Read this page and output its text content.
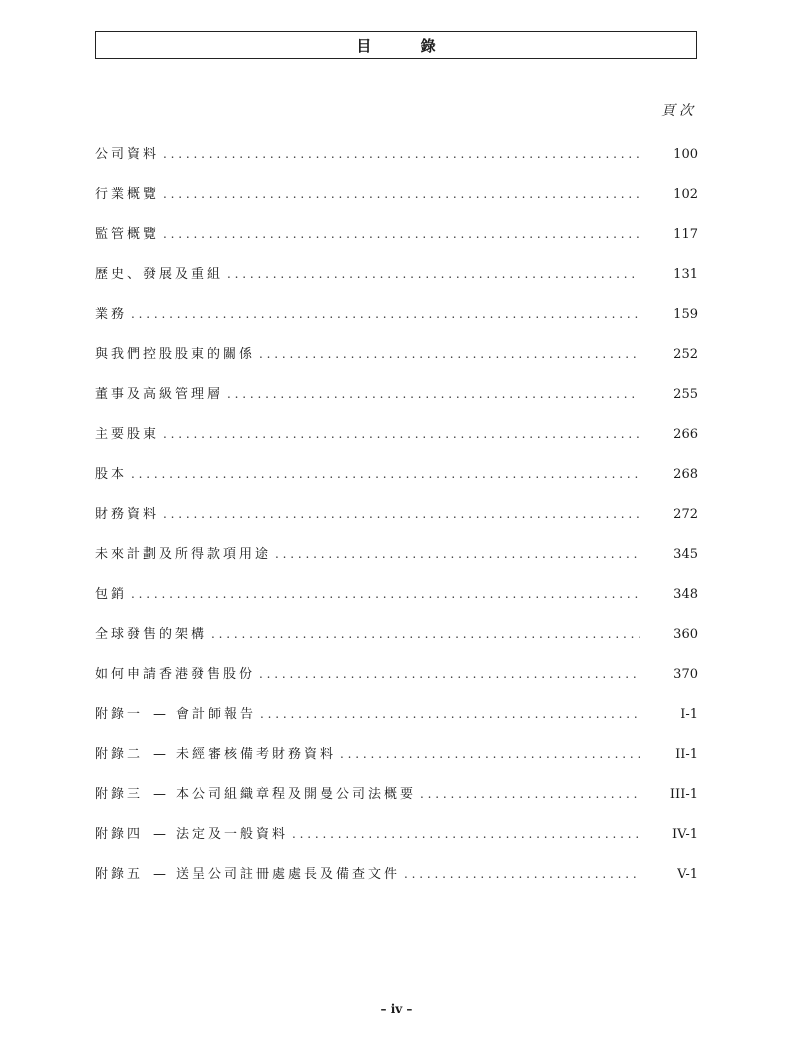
目 錄
頁次
公司資料 . . .	100
行業概覽 . . .	102
監管概覽 . . .	117
歷史、發展及重組 . . .	131
業務 . . .	159
與我們控股股東的關係 . . .	252
董事及高級管理層 . . .	255
主要股東 . . .	266
股本 . . .	268
財務資料 . . .	272
未來計劃及所得款項用途 . . .	345
包銷 . . .	348
全球發售的架構 . . .	360
如何申請香港發售股份 . . .	370
附錄一 — 會計師報告 . . .	I-1
附錄二 — 未經審核備考財務資料 . . .	II-1
附錄三 — 本公司組織章程及開曼公司法概要 . . .	III-1
附錄四 — 法定及一般資料 . . .	IV-1
附錄五 — 送呈公司註冊處處長及備查文件 . . .	V-1
– iv –
